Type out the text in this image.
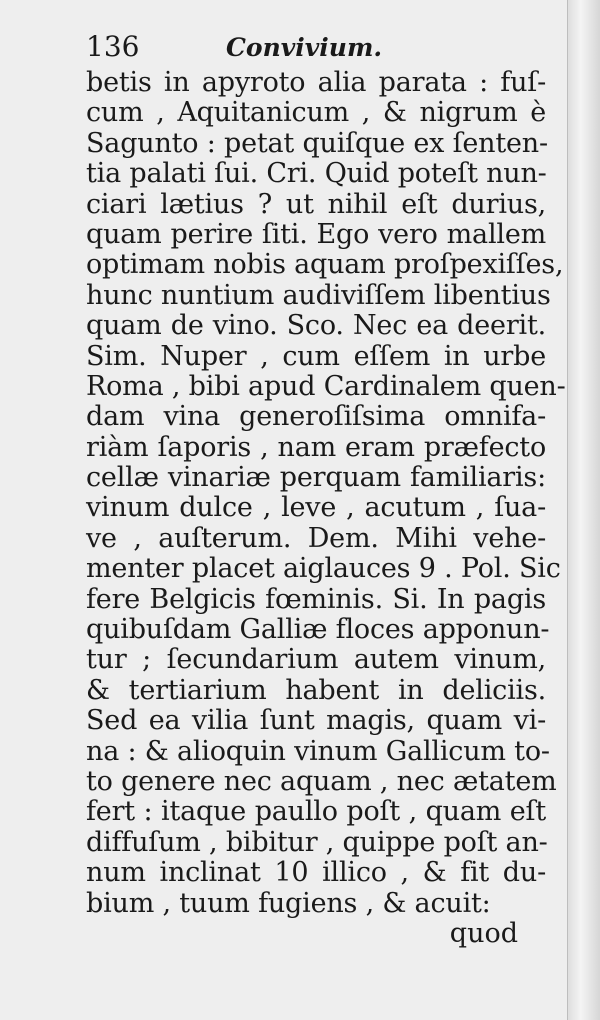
136	Convivium.
betis in apyroto alia parata : fuſ-
cum , Aquitanicum , & nigrum è
Sagunto : petat quiſque ex ſenten-
tia palati ſui. Cri. Quid poteſt nun-
ciari lætius ? ut nihil eſt durius,
quam perire ſiti. Ego vero mallem
optimam nobis aquam proſpexiſſes,
hunc nuntium audiviſſem libentius
quam de vino. Sco. Nec ea deerit.
Sim. Nuper , cum eſſem in urbe
Roma , bibi apud Cardinalem quen-
dam vina generoſiſsima omnifa-
riàm ſaporis , nam eram præfecto
cellæ vinariæ perquam familiaris:
vinum dulce , leve , acutum , ſua-
ve , auſterum. Dem. Mihi vehe-
menter placet aiglauces 9 . Pol. Sic
fere Belgicis fœminis. Si. In pagis
quibuſdam Galliæ floces apponun-
tur ; ſecundarium autem vinum,
& tertiarium habent in deliciis.
Sed ea vilia ſunt magis, quam vi-
na : & alioquin vinum Gallicum to-
to genere nec aquam , nec ætatem
fert : itaque paullo poſt , quam eſt
diffuſum , bibitur , quippe poſt an-
num inclinat 10 illico , & fit du-
bium , tuum fugiens , & acuit:
quod
